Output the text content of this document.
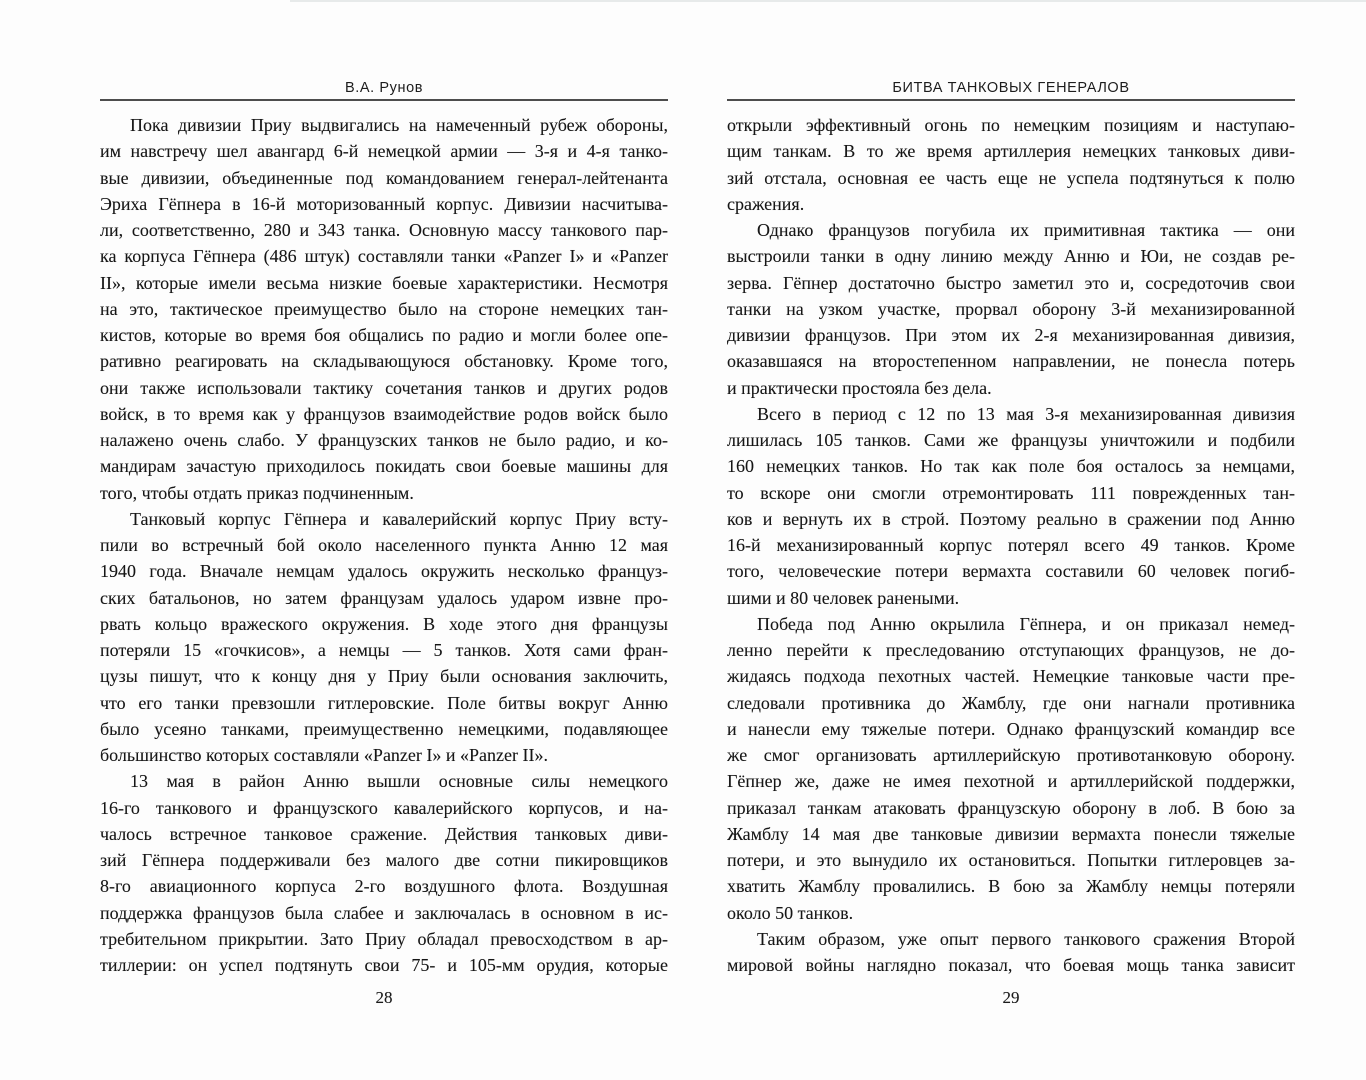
В.А. Рунов
Пока дивизии Приу выдвигались на намеченный рубеж обороны,
им навстречу шел авангард 6-й немецкой армии — 3-я и 4-я танко-
вые дивизии, объединенные под командованием генерал-лейтенанта
Эриха Гёпнера в 16-й моторизованный корпус. Дивизии насчитыва-
ли, соответственно, 280 и 343 танка. Основную массу танкового пар-
ка корпуса Гёпнера (486 штук) составляли танки «Panzer I» и «Panzer
II», которые имели весьма низкие боевые характеристики. Несмотря
на это, тактическое преимущество было на стороне немецких тан-
кистов, которые во время боя общались по радио и могли более опе-
ративно реагировать на складывающуюся обстановку. Кроме того,
они также использовали тактику сочетания танков и других родов
войск, в то время как у французов взаимодействие родов войск было
налажено очень слабо. У французских танков не было радио, и ко-
мандирам зачастую приходилось покидать свои боевые машины для
того, чтобы отдать приказ подчиненным.
Танковый корпус Гёпнера и кавалерийский корпус Приу всту-
пили во встречный бой около населенного пункта Анню 12 мая
1940 года. Вначале немцам удалось окружить несколько француз-
ских батальонов, но затем французам удалось ударом извне про-
рвать кольцо вражеского окружения. В ходе этого дня французы
потеряли 15 «гочкисов», а немцы — 5 танков. Хотя сами фран-
цузы пишут, что к концу дня у Приу были основания заключить,
что его танки превзошли гитлеровские. Поле битвы вокруг Анню
было усеяно танками, преимущественно немецкими, подавляющее
большинство которых составляли «Panzer I» и «Panzer II».
13 мая в район Анню вышли основные силы немецкого
16-го танкового и французского кавалерийского корпусов, и на-
чалось встречное танковое сражение. Действия танковых диви-
зий Гёпнера поддерживали без малого две сотни пикировщиков
8-го авиационного корпуса 2-го воздушного флота. Воздушная
поддержка французов была слабее и заключалась в основном в ис-
требительном прикрытии. Зато Приу обладал превосходством в ар-
тиллерии: он успел подтянуть свои 75- и 105-мм орудия, которые
28
БИТВА ТАНКОВЫХ ГЕНЕРАЛОВ
открыли эффективный огонь по немецким позициям и наступаю-
щим танкам. В то же время артиллерия немецких танковых диви-
зий отстала, основная ее часть еще не успела подтянуться к полю
сражения.
Однако французов погубила их примитивная тактика — они
выстроили танки в одну линию между Анню и Юи, не создав ре-
зерва. Гёпнер достаточно быстро заметил это и, сосредоточив свои
танки на узком участке, прорвал оборону 3-й механизированной
дивизии французов. При этом их 2-я механизированная дивизия,
оказавшаяся на второстепенном направлении, не понесла потерь
и практически простояла без дела.
Всего в период с 12 по 13 мая 3-я механизированная дивизия
лишилась 105 танков. Сами же французы уничтожили и подбили
160 немецких танков. Но так как поле боя осталось за немцами,
то вскоре они смогли отремонтировать 111 поврежденных тан-
ков и вернуть их в строй. Поэтому реально в сражении под Анню
16-й механизированный корпус потерял всего 49 танков. Кроме
того, человеческие потери вермахта составили 60 человек погиб-
шими и 80 человек ранеными.
Победа под Анню окрылила Гёпнера, и он приказал немед-
ленно перейти к преследованию отступающих французов, не до-
жидаясь подхода пехотных частей. Немецкие танковые части пре-
следовали противника до Жамблу, где они нагнали противника
и нанесли ему тяжелые потери. Однако французский командир все
же смог организовать артиллерийскую противотанковую оборону.
Гёпнер же, даже не имея пехотной и артиллерийской поддержки,
приказал танкам атаковать французскую оборону в лоб. В бою за
Жамблу 14 мая две танковые дивизии вермахта понесли тяжелые
потери, и это вынудило их остановиться. Попытки гитлеровцев за-
хватить Жамблу провалились. В бою за Жамблу немцы потеряли
около 50 танков.
Таким образом, уже опыт первого танкового сражения Второй
мировой войны наглядно показал, что боевая мощь танка зависит
29
